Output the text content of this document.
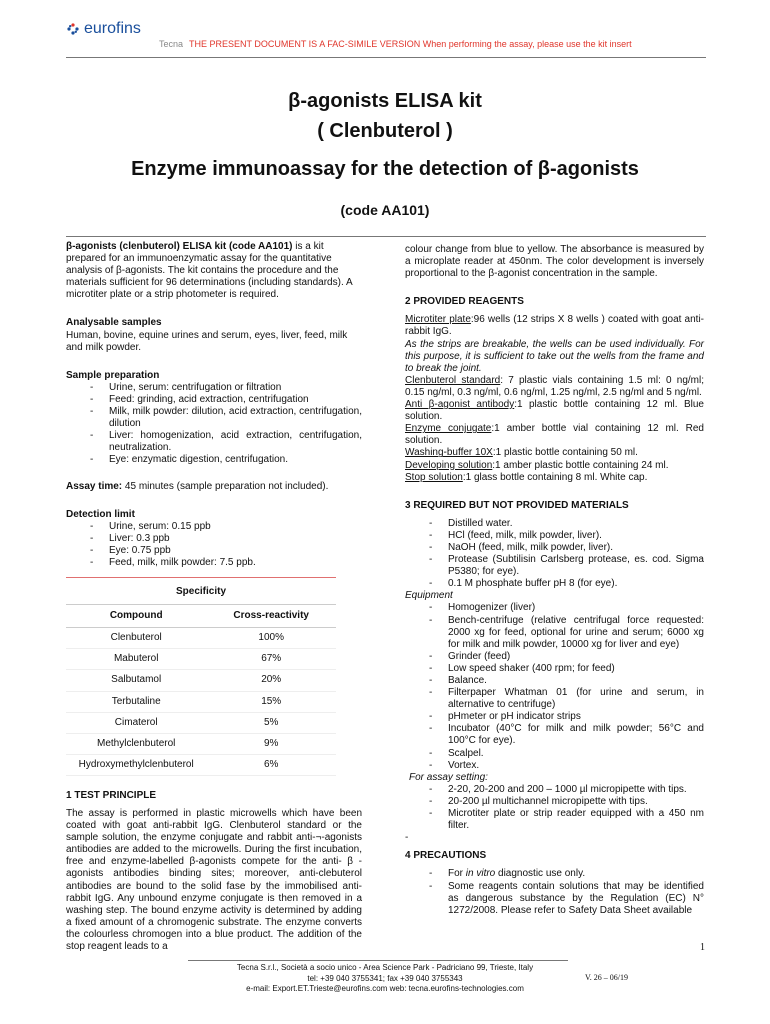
eurofins
Tecna THE PRESENT DOCUMENT IS A FAC-SIMILE VERSION When performing the assay, please use the kit insert
β-agonists ELISA kit
( Clenbuterol )
Enzyme immunoassay for the detection of β-agonists
(code AA101)

β-agonists (clenbuterol) ELISA kit (code AA101) is a kit prepared for an immunoenzymatic assay for the quantitative analysis of β-agonists. The kit contains the procedure and the materials sufficient for 96 determinations (including standards). A microtiter plate or a strip photometer is required.

Analysable samples

Human, bovine, equine urines and serum, eyes, liver, feed, milk and milk powder.

Sample preparation

- Urine, serum: centrifugation or filtration
- Feed: grinding, acid extraction, centrifugation
- Milk, milk powder: dilution, acid extraction, centrifugation, dilution
- Liver: homogenization, acid extraction, centrifugation, neutralization.
- Eye: enzymatic digestion, centrifugation.

Assay time: 45 minutes (sample preparation not included).

Detection limit

- Urine, serum: 0.15 ppb
- Liver: 0.3 ppb
- Eye: 0.75 ppb
- Feed, milk, milk powder: 7.5 ppb.
Specificity
Compound	Cross-reactivity
Clenbuterol	100%
Mabuterol	67%
Salbutamol	20%
Terbutaline	15%
Cimaterol	5%
Methylclenbuterol	9%
Hydroxymethylclenbuterol	6%

1 TEST PRINCIPLE

The assay is performed in plastic microwells which have been coated with goat anti-rabbit IgG. Clenbuterol standard or the sample solution, the enzyme conjugate and rabbit anti-¬-agonists antibodies are added to the microwells. During the first incubation, free and enzyme-labelled β-agonists compete for the anti- β -agonists antibodies binding sites; moreover, anti-clebuterol antibodies are bound to the solid fase by the immobilised anti-rabbit IgG. Any unbound enzyme conjugate is then removed in a washing step. The bound enzyme activity is determined by adding a fixed amount of a chromogenic substrate. The enzyme converts the colourless chromogen into a blue product. The addition of the stop reagent leads to a

colour change from blue to yellow. The absorbance is measured by a microplate reader at 450nm. The color development is inversely proportional to the β-agonist concentration in the sample.

2 PROVIDED REAGENTS

Microtiter plate:96 wells (12 strips X 8 wells ) coated with goat anti-rabbit IgG.

As the strips are breakable, the wells can be used individually. For this purpose, it is sufficient to take out the wells from the frame and to break the joint.

Clenbuterol standard: 7 plastic vials containing 1.5 ml: 0 ng/ml; 0.15 ng/ml, 0.3 ng/ml, 0.6 ng/ml, 1.25 ng/ml, 2.5 ng/ml and 5 ng/ml.

Anti β-agonist antibody:1 plastic bottle containing 12 ml. Blue solution.

Enzyme conjugate:1 amber bottle vial containing 12 ml. Red solution.

Washing-buffer 10X:1 plastic bottle containing 50 ml.

Developing solution:1 amber plastic bottle containing 24 ml.

Stop solution:1 glass bottle containing 8 ml. White cap.

3 REQUIRED BUT NOT PROVIDED MATERIALS

- Distilled water.
- HCl (feed, milk, milk powder, liver).
- NaOH (feed, milk, milk powder, liver).
- Protease (Subtilisin Carlsberg protease, es. cod. Sigma P5380; for eye).
- 0.1 M phosphate buffer pH 8 (for eye).

Equipment

- Homogenizer (liver)
- Bench-centrifuge (relative centrifugal force requested: 2000 xg for feed, optional for urine and serum; 6000 xg for milk and milk powder, 10000 xg for liver and eye)
- Grinder (feed)
- Low speed shaker (400 rpm; for feed)
- Balance.
- Filterpaper Whatman 01 (for urine and serum, in alternative to centrifuge)
- pHmeter or pH indicator strips
- Incubator (40°C for milk and milk powder; 56°C and 100°C for eye).
- Scalpel.
- Vortex.

For assay setting:

- 2-20, 20-200 and 200 – 1000 µl micropipette with tips.
- 20-200 µl multichannel micropipette with tips.
- Microtiter plate or strip reader equipped with a 450 nm filter.

-

4 PRECAUTIONS

- For in vitro diagnostic use only.
- Some reagents contain solutions that may be identified as dangerous substance by the Regulation (EC) N° 1272/2008. Please refer to Safety Data Sheet available
1
Tecna S.r.l., Società a socio unico - Area Science Park - Padriciano 99, Trieste, Italy
tel: +39 040 3755341; fax +39 040 3755343
e-mail: Export.ET.Trieste@eurofins.com web: tecna.eurofins-technologies.com
V. 26 – 06/19
